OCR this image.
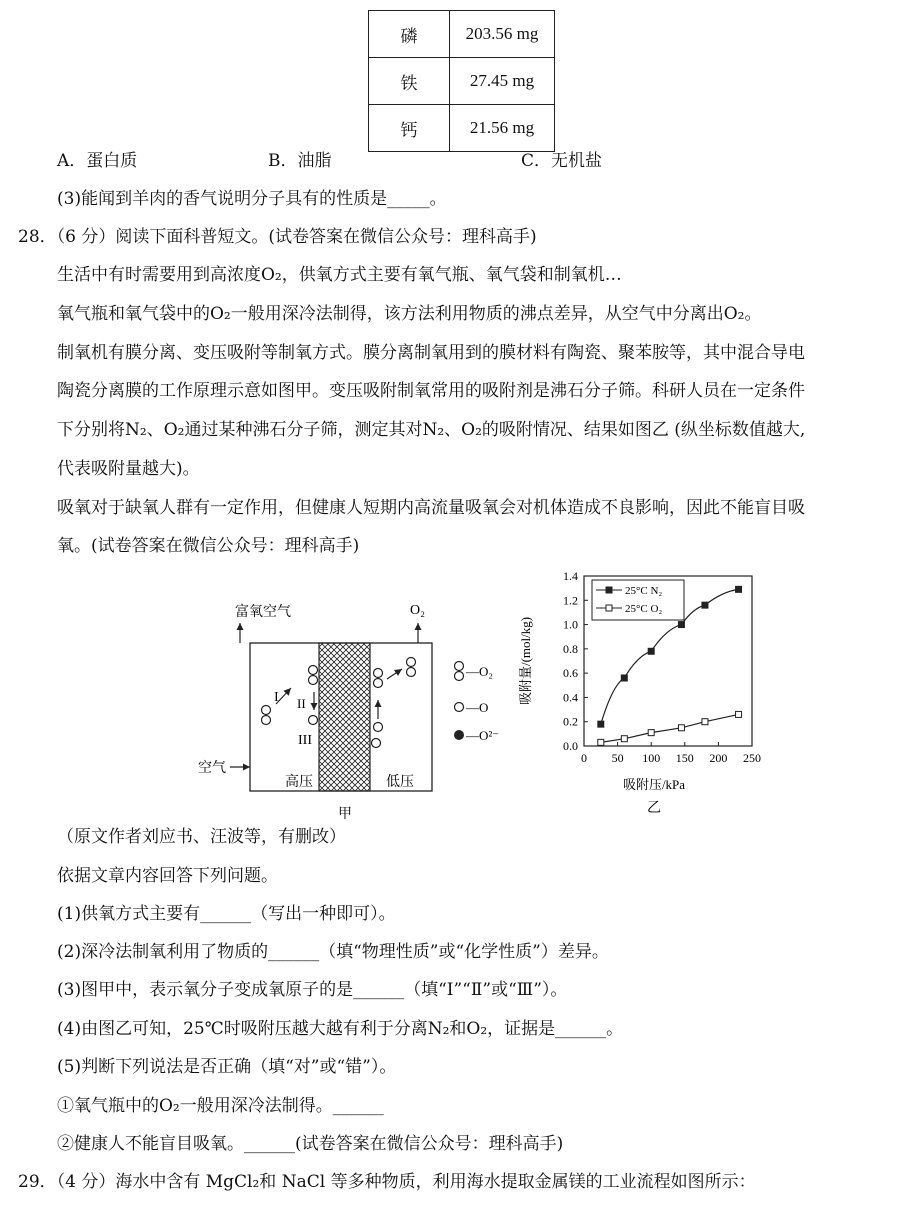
磷	203.56 mg
铁	27.45 mg
钙	21.56 mg
A．蛋白质	B．油脂	C．无机盐
(3)能闻到羊肉的香气说明分子具有的性质是_____。
28．（6 分）阅读下面科普短文。(试卷答案在微信公众号：理科高手)
生活中有时需要用到高浓度O₂，供氧方式主要有氧气瓶、氧气袋和制氧机…
氧气瓶和氧气袋中的O₂一般用深冷法制得，该方法利用物质的沸点差异，从空气中分离出O₂。
制氧机有膜分离、变压吸附等制氧方式。膜分离制氧用到的膜材料有陶瓷、聚苯胺等，其中混合导电
陶瓷分离膜的工作原理示意如图甲。变压吸附制氧常用的吸附剂是沸石分子筛。科研人员在一定条件
下分别将N₂、O₂通过某种沸石分子筛，测定其对N₂、O₂的吸附情况、结果如图乙 (纵坐标数值越大,
代表吸附量越大)。
吸氧对于缺氧人群有一定作用，但健康人短期内高流量吸氧会对机体造成不良影响，因此不能盲目吸
氧。(试卷答案在微信公众号：理科高手)
富氧空气	O₂
空气
高压	低压
甲
I II
III
—O₂
—O
—O²⁻
0.0
0.2
0.4
0.6
0.8
1.0
1.2
1.4
0 50 100 150 200 250
25°C N₂
25°C O₂
吸附量/(mol/kg)
吸附压/kPa
乙
（原文作者刘应书、汪波等，有删改）
依据文章内容回答下列问题。
(1)供氧方式主要有______（写出一种即可）。
(2)深冷法制氧利用了物质的______（填“物理性质”或“化学性质”）差异。
(3)图甲中，表示氧分子变成氧原子的是______（填“Ⅰ”“Ⅱ”或“Ⅲ”）。
(4)由图乙可知，25℃时吸附压越大越有利于分离N₂和O₂，证据是______。
(5)判断下列说法是否正确（填“对”或“错”）。
①氧气瓶中的O₂一般用深冷法制得。______
②健康人不能盲目吸氧。______(试卷答案在微信公众号：理科高手)
29．（4 分）海水中含有 MgCl₂和 NaCl 等多种物质，利用海水提取金属镁的工业流程如图所示：
